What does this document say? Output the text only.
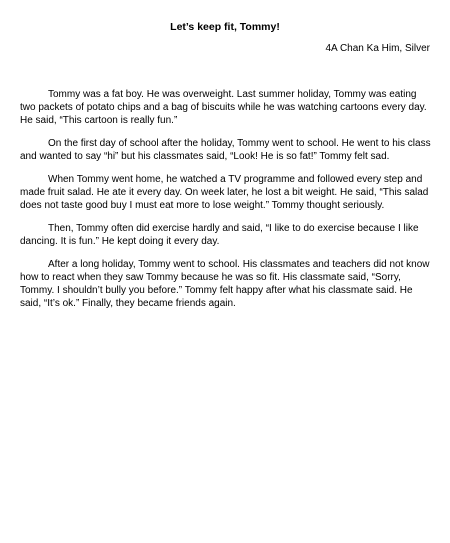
Let’s keep fit, Tommy!
4A Chan Ka Him, Silver

Tommy was a fat boy. He was overweight. Last summer holiday, Tommy was eating two packets of potato chips and a bag of biscuits while he was watching cartoons every day. He said, “This cartoon is really fun.”

On the first day of school after the holiday, Tommy went to school. He went to his class and wanted to say “hi” but his classmates said, “Look! He is so fat!” Tommy felt sad.

When Tommy went home, he watched a TV programme and followed every step and made fruit salad. He ate it every day. On week later, he lost a bit weight. He said, “This salad does not taste good buy I must eat more to lose weight.” Tommy thought seriously.

Then, Tommy often did exercise hardly and said, “I like to do exercise because I like dancing. It is fun.” He kept doing it every day.

After a long holiday, Tommy went to school. His classmates and teachers did not know how to react when they saw Tommy because he was so fit. His classmate said, “Sorry, Tommy. I shouldn’t bully you before.” Tommy felt happy after what his classmate said. He said, “It’s ok.” Finally, they became friends again.
